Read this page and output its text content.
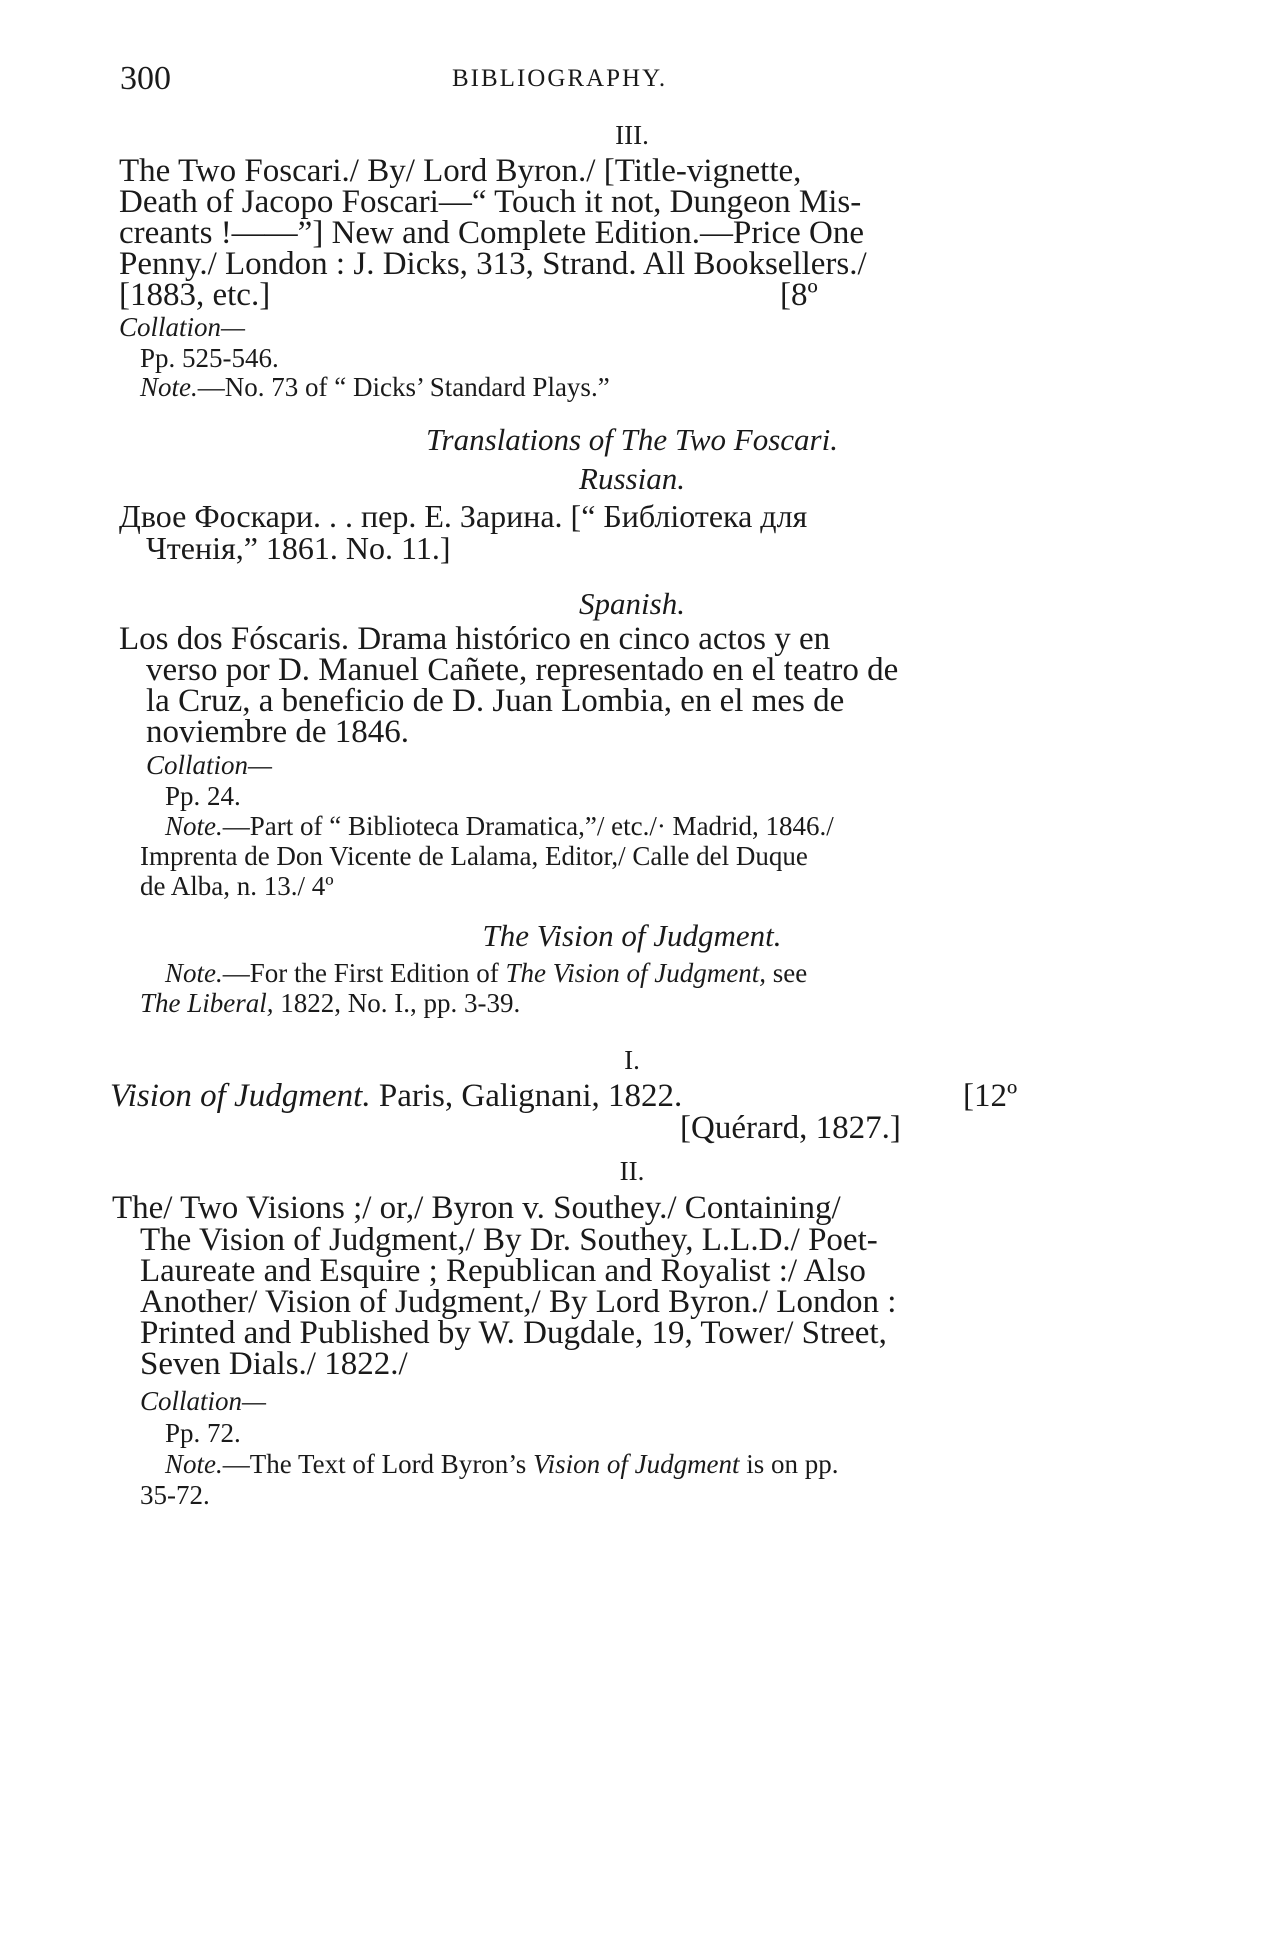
300	BIBLIOGRAPHY.
III.
The Two Foscari./ By/ Lord Byron./ [Title-vignette,
Death of Jacopo Foscari—“ Touch it not, Dungeon Mis-
creants !——”] New and Complete Edition.—Price One
Penny./ London : J. Dicks, 313, Strand. All Booksellers./
[1883, etc.]	[8º
Collation—
Pp. 525-546.
Note.—No. 73 of “ Dicks’ Standard Plays.”
Translations of The Two Foscari.
Russian.
Двое Фоскари. . . пер. Е. Зарина. [“ Библіотека для
Чтенія,” 1861. No. 11.]
Spanish.
Los dos Fóscaris. Drama histórico en cinco actos y en
verso por D. Manuel Cañete, representado en el teatro de
la Cruz, a beneficio de D. Juan Lombia, en el mes de
noviembre de 1846.
Collation—
Pp. 24.
Note.—Part of “ Biblioteca Dramatica,”/ etc./· Madrid, 1846./
Imprenta de Don Vicente de Lalama, Editor,/ Calle del Duque
de Alba, n. 13./ 4º
The Vision of Judgment.
Note.—For the First Edition of The Vision of Judgment, see
The Liberal, 1822, No. I., pp. 3-39.
I.
Vision of Judgment. Paris, Galignani, 1822.	[12º
[Quérard, 1827.]
II.
The/ Two Visions ;/ or,/ Byron v. Southey./ Containing/
The Vision of Judgment,/ By Dr. Southey, L.L.D./ Poet-
Laureate and Esquire ; Republican and Royalist :/ Also
Another/ Vision of Judgment,/ By Lord Byron./ London :
Printed and Published by W. Dugdale, 19, Tower/ Street,
Seven Dials./ 1822./
Collation—
Pp. 72.
Note.—The Text of Lord Byron’s Vision of Judgment is on pp.
35-72.
